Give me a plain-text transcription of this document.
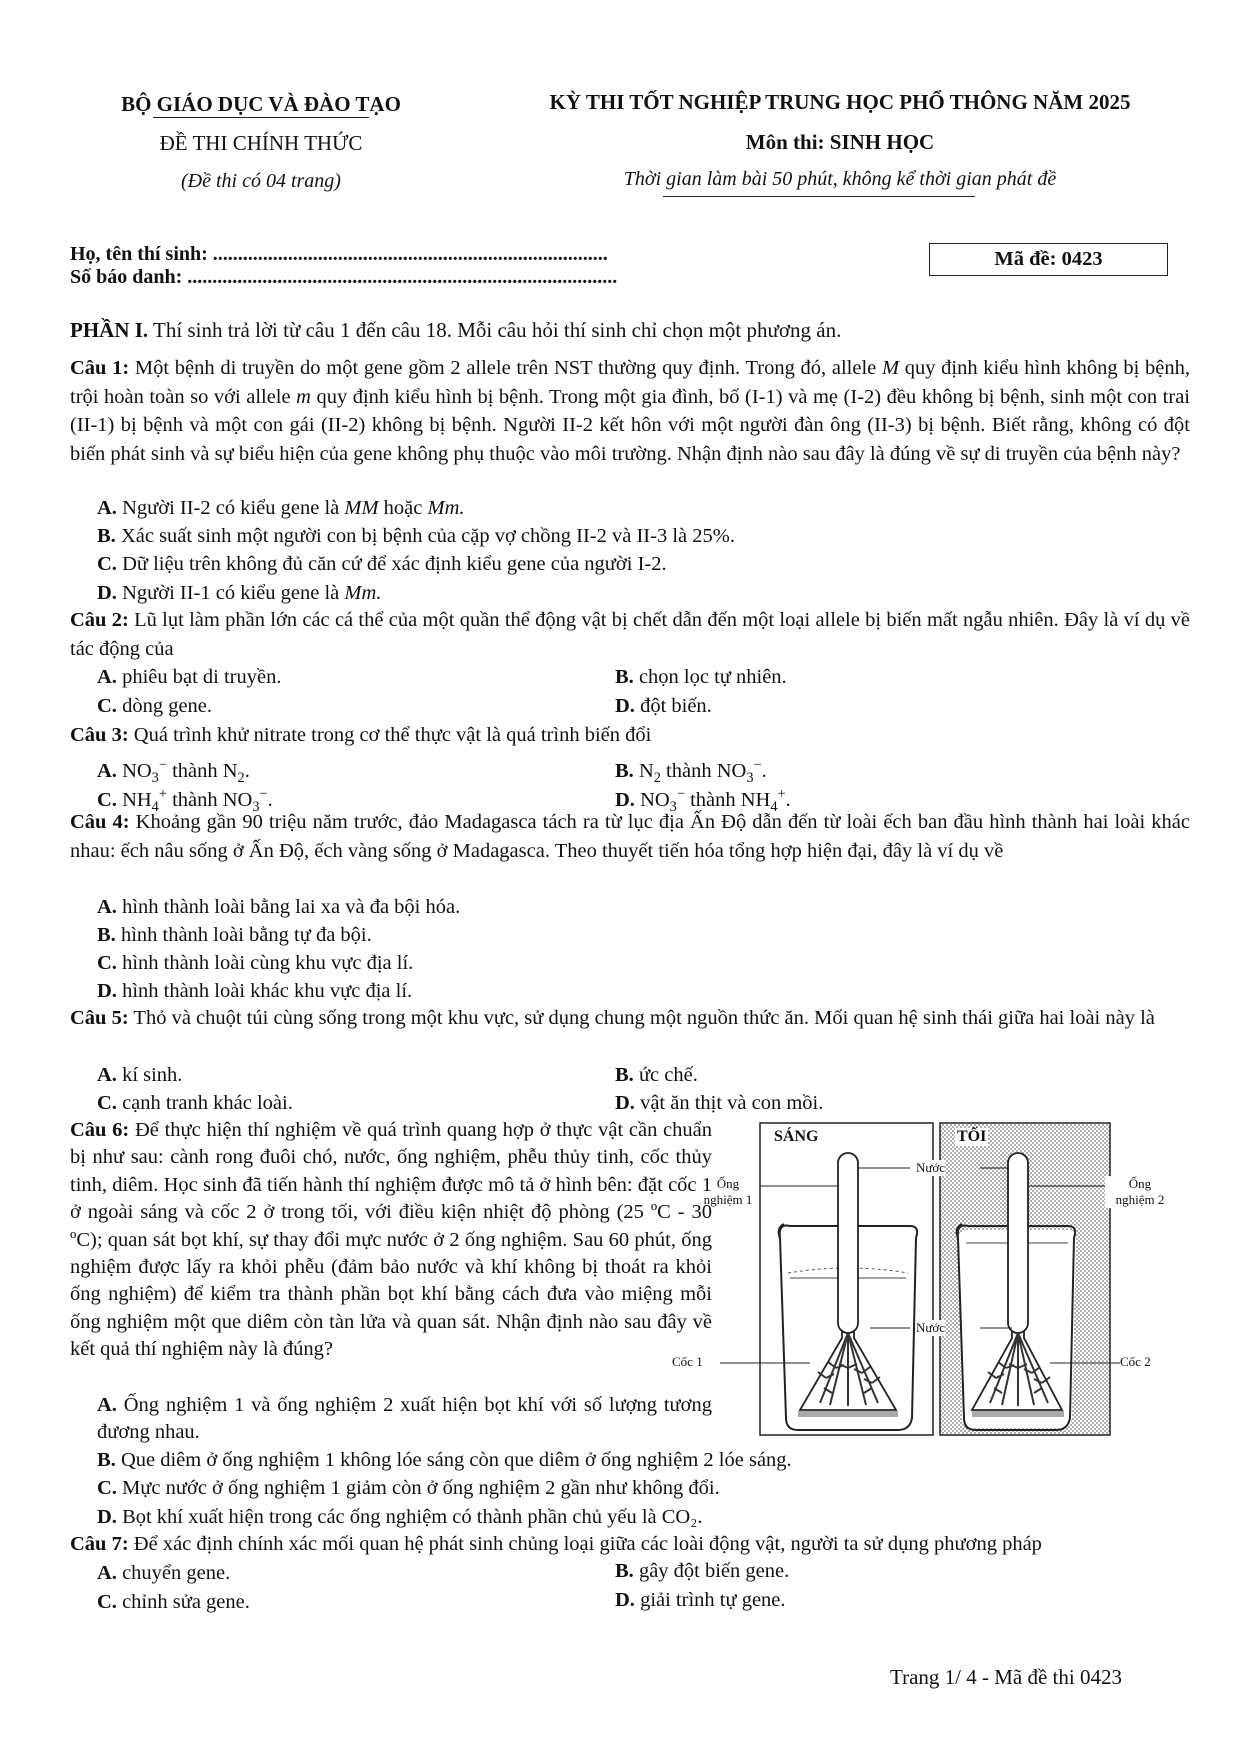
BỘ GIÁO DỤC VÀ ĐÀO TẠO
ĐỀ THI CHÍNH THỨC
(Đề thi có 04 trang)
KỲ THI TỐT NGHIỆP TRUNG HỌC PHỔ THÔNG NĂM 2025
Môn thi: SINH HỌC
Thời gian làm bài 50 phút, không kể thời gian phát đề
Họ, tên thí sinh: ...............................................................................
Số báo danh: ......................................................................................
Mã đề: 0423
PHẦN I. Thí sinh trả lời từ câu 1 đến câu 18. Mỗi câu hỏi thí sinh chỉ chọn một phương án.
Câu 1: Một bệnh di truyền do một gene gồm 2 allele trên NST thường quy định. Trong đó, allele M quy định kiểu hình không bị bệnh, trội hoàn toàn so với allele m quy định kiểu hình bị bệnh. Trong một gia đình, bố (I-1) và mẹ (I-2) đều không bị bệnh, sinh một con trai (II-1) bị bệnh và một con gái (II-2) không bị bệnh. Người II-2 kết hôn với một người đàn ông (II-3) bị bệnh. Biết rằng, không có đột biến phát sinh và sự biểu hiện của gene không phụ thuộc vào môi trường. Nhận định nào sau đây là đúng về sự di truyền của bệnh này?
A. Người II-2 có kiểu gene là MM hoặc Mm.
B. Xác suất sinh một người con bị bệnh của cặp vợ chồng II-2 và II-3 là 25%.
C. Dữ liệu trên không đủ căn cứ để xác định kiểu gene của người I-2.
D. Người II-1 có kiểu gene là Mm.
Câu 2: Lũ lụt làm phần lớn các cá thể của một quần thể động vật bị chết dẫn đến một loại allele bị biến mất ngẫu nhiên. Đây là ví dụ về tác động của
A. phiêu bạt di truyền.	B. chọn lọc tự nhiên.
C. dòng gene.	D. đột biến.
Câu 3: Quá trình khử nitrate trong cơ thể thực vật là quá trình biến đổi
A. $NO_3^-$ thành $N_2$.	B. $N_2$ thành $NO_3^-$.
C. $NH_4^+$ thành $NO_3^-$.	D. $NO_3^-$ thành $NH_4^+$.
Câu 4: Khoảng gần 90 triệu năm trước, đảo Madagasca tách ra từ lục địa Ấn Độ dẫn đến từ loài ếch ban đầu hình thành hai loài khác nhau: ếch nâu sống ở Ấn Độ, ếch vàng sống ở Madagasca. Theo thuyết tiến hóa tổng hợp hiện đại, đây là ví dụ về
A. hình thành loài bằng lai xa và đa bội hóa.
B. hình thành loài bằng tự đa bội.
C. hình thành loài cùng khu vực địa lí.
D. hình thành loài khác khu vực địa lí.
Câu 5: Thỏ và chuột túi cùng sống trong một khu vực, sử dụng chung một nguồn thức ăn. Mối quan hệ sinh thái giữa hai loài này là
A. kí sinh.	B. ức chế.
C. cạnh tranh khác loài.	D. vật ăn thịt và con mồi.
Câu 6: Để thực hiện thí nghiệm về quá trình quang hợp ở thực vật cần chuẩn bị như sau: cành rong đuôi chó, nước, ống nghiệm, phễu thủy tinh, cốc thủy tinh, diêm. Học sinh đã tiến hành thí nghiệm được mô tả ở hình bên: đặt cốc 1 ở ngoài sáng và cốc 2 ở trong tối, với điều kiện nhiệt độ phòng (25 ºC - 30 ºC); quan sát bọt khí, sự thay đổi mực nước ở 2 ống nghiệm. Sau 60 phút, ống nghiệm được lấy ra khỏi phễu (đảm bảo nước và khí không bị thoát ra khỏi ống nghiệm) để kiểm tra thành phần bọt khí bằng cách đưa vào miệng mỗi ống nghiệm một que diêm còn tàn lửa và quan sát. Nhận định nào sau đây về kết quả thí nghiệm này là đúng?
A. Ống nghiệm 1 và ống nghiệm 2 xuất hiện bọt khí với số lượng tương đương nhau.
B. Que diêm ở ống nghiệm 1 không lóe sáng còn que diêm ở ống nghiệm 2 lóe sáng.
C. Mực nước ở ống nghiệm 1 giảm còn ở ống nghiệm 2 gần như không đổi.
D. Bọt khí xuất hiện trong các ống nghiệm có thành phần chủ yếu là CO₂.
SÁNG	TỐI
Ống
nghiệm 1
Ống
nghiệm 2
Nước
Nước
Cốc 1	Cốc 2
Câu 7: Để xác định chính xác mối quan hệ phát sinh chủng loại giữa các loài động vật, người ta sử dụng phương pháp
A. chuyển gene.	B. gây đột biến gene.
C. chỉnh sửa gene.	D. giải trình tự gene.
Trang 1/ 4 - Mã đề thi 0423
